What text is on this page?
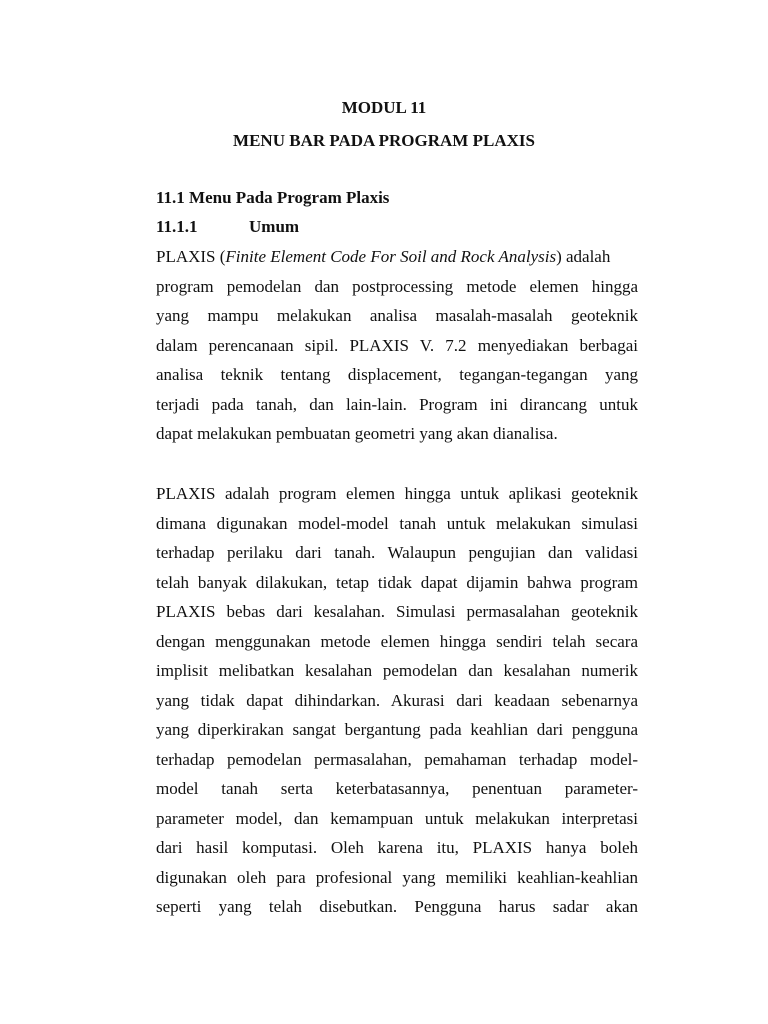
MODUL 11
MENU BAR PADA PROGRAM PLAXIS
11.1 Menu Pada Program Plaxis
11.1.1	Umum
PLAXIS (Finite Element Code For Soil and Rock Analysis) adalah
program pemodelan dan postprocessing metode elemen hingga
yang mampu melakukan analisa masalah-masalah geoteknik
dalam perencanaan sipil. PLAXIS V. 7.2 menyediakan berbagai
analisa teknik tentang displacement, tegangan-tegangan yang
terjadi pada tanah, dan lain-lain. Program ini dirancang untuk
dapat melakukan pembuatan geometri yang akan dianalisa.
PLAXIS adalah program elemen hingga untuk aplikasi geoteknik
dimana digunakan model-model tanah untuk melakukan simulasi
terhadap perilaku dari tanah. Walaupun pengujian dan validasi
telah banyak dilakukan, tetap tidak dapat dijamin bahwa program
PLAXIS bebas dari kesalahan. Simulasi permasalahan geoteknik
dengan menggunakan metode elemen hingga sendiri telah secara
implisit melibatkan kesalahan pemodelan dan kesalahan numerik
yang tidak dapat dihindarkan. Akurasi dari keadaan sebenarnya
yang diperkirakan sangat bergantung pada keahlian dari pengguna
terhadap pemodelan permasalahan, pemahaman terhadap model-
model tanah serta keterbatasannya, penentuan parameter-
parameter model, dan kemampuan untuk melakukan interpretasi
dari hasil komputasi. Oleh karena itu, PLAXIS hanya boleh
digunakan oleh para profesional yang memiliki keahlian-keahlian
seperti yang telah disebutkan. Pengguna harus sadar akan
